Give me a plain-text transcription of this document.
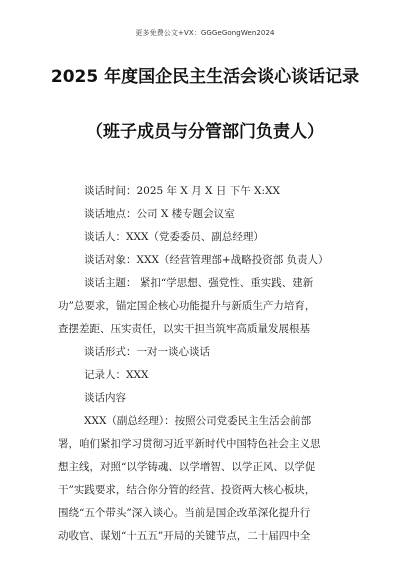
更多免费公文+VX：GGGeGongWen2024
2025 年度国企民主生活会谈心谈话记录
（班子成员与分管部门负责人）
谈话时间：2025 年 X 月 X 日 下午 X:XX
谈话地点：公司 X 楼专题会议室
谈话人：XXX（党委委员、副总经理）
谈话对象：XXX（经营管理部+战略投资部 负责人）
谈话主题： 紧扣“学思想、强党性、重实践、建新
功”总要求，锚定国企核心功能提升与新质生产力培育，
查摆差距、压实责任，以实干担当筑牢高质量发展根基
谈话形式：一对一谈心谈话
记录人：XXX
谈话内容
XXX（副总经理）：按照公司党委民主生活会前部
署，咱们紧扣学习贯彻习近平新时代中国特色社会主义思
想主线，对照“以学铸魂、以学增智、以学正风、以学促
干”实践要求，结合你分管的经营、投资两大核心板块，
围绕“五个带头”深入谈心。当前是国企改革深化提升行
动收官、谋划“十五五”开局的关键节点，二十届四中全
